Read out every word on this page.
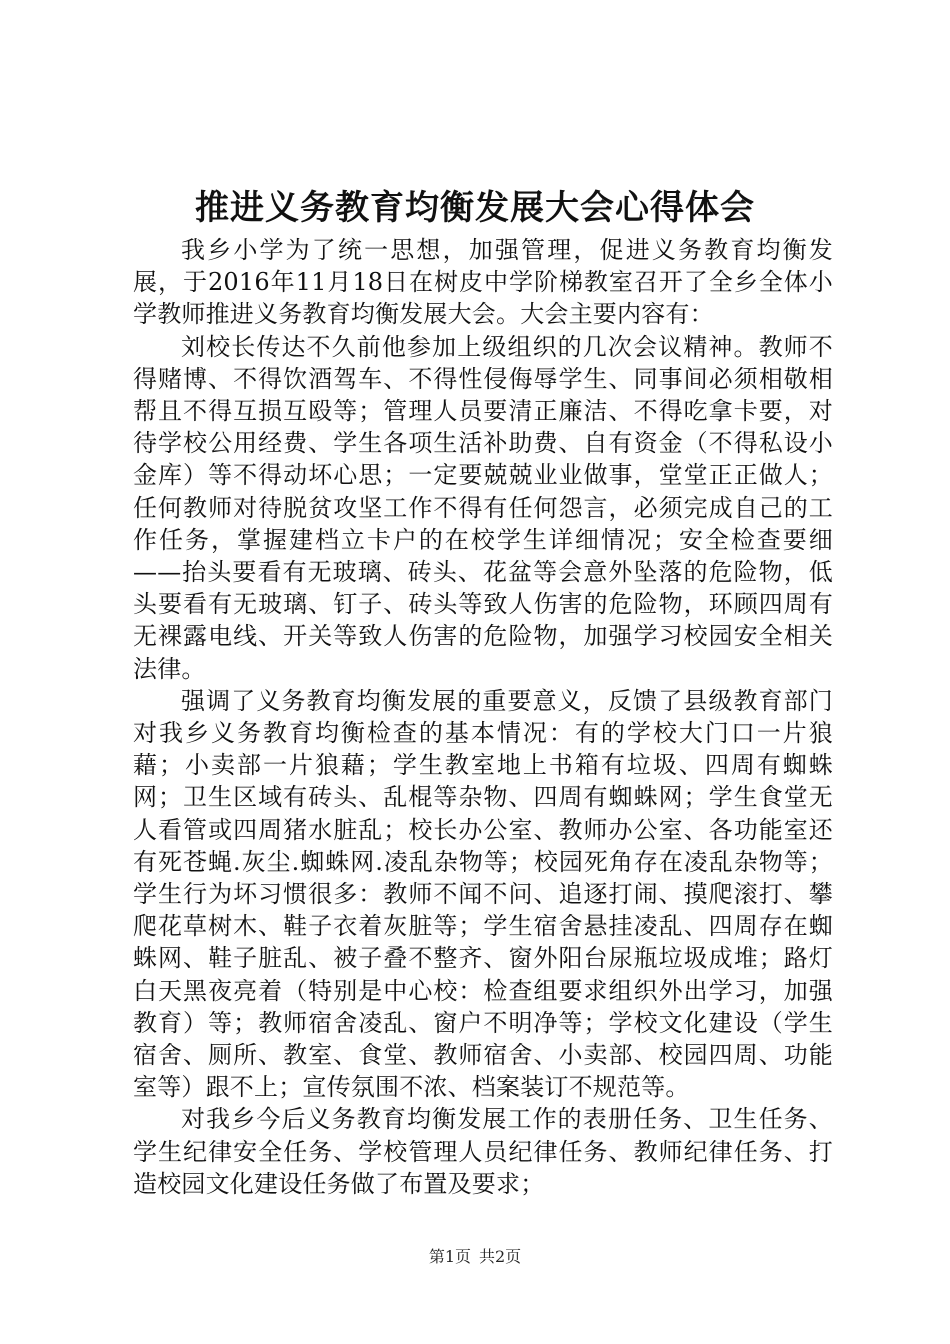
推进义务教育均衡发展大会心得体会

我乡小学为了统一思想，加强管理，促进义务教育均衡发展，于2016年11月18日在树皮中学阶梯教室召开了全乡全体小学教师推进义务教育均衡发展大会。大会主要内容有：

刘校长传达不久前他参加上级组织的几次会议精神。教师不得赌博、不得饮酒驾车、不得性侵侮辱学生、同事间必须相敬相帮且不得互损互殴等；管理人员要清正廉洁、不得吃拿卡要，对待学校公用经费、学生各项生活补助费、自有资金（不得私设小金库）等不得动坏心思；一定要兢兢业业做事，堂堂正正做人；任何教师对待脱贫攻坚工作不得有任何怨言，必须完成自己的工作任务，掌握建档立卡户的在校学生详细情况；安全检查要细——抬头要看有无玻璃、砖头、花盆等会意外坠落的危险物，低头要看有无玻璃、钉子、砖头等致人伤害的危险物，环顾四周有无裸露电线、开关等致人伤害的危险物，加强学习校园安全相关法律。

强调了义务教育均衡发展的重要意义，反馈了县级教育部门对我乡义务教育均衡检查的基本情况：有的学校大门口一片狼藉；小卖部一片狼藉；学生教室地上书箱有垃圾、四周有蜘蛛网；卫生区域有砖头、乱棍等杂物、四周有蜘蛛网；学生食堂无人看管或四周猪水脏乱；校长办公室、教师办公室、各功能室还有死苍蝇.灰尘.蜘蛛网.凌乱杂物等；校园死角存在凌乱杂物等；学生行为坏习惯很多：教师不闻不问、追逐打闹、摸爬滚打、攀爬花草树木、鞋子衣着灰脏等；学生宿舍悬挂凌乱、四周存在蜘蛛网、鞋子脏乱、被子叠不整齐、窗外阳台尿瓶垃圾成堆；路灯白天黑夜亮着（特别是中心校：检查组要求组织外出学习，加强教育）等；教师宿舍凌乱、窗户不明净等；学校文化建设（学生宿舍、厕所、教室、食堂、教师宿舍、小卖部、校园四周、功能室等）跟不上；宣传氛围不浓、档案装订不规范等。

对我乡今后义务教育均衡发展工作的表册任务、卫生任务、学生纪律安全任务、学校管理人员纪律任务、教师纪律任务、打造校园文化建设任务做了布置及要求；

第1页 共2页
